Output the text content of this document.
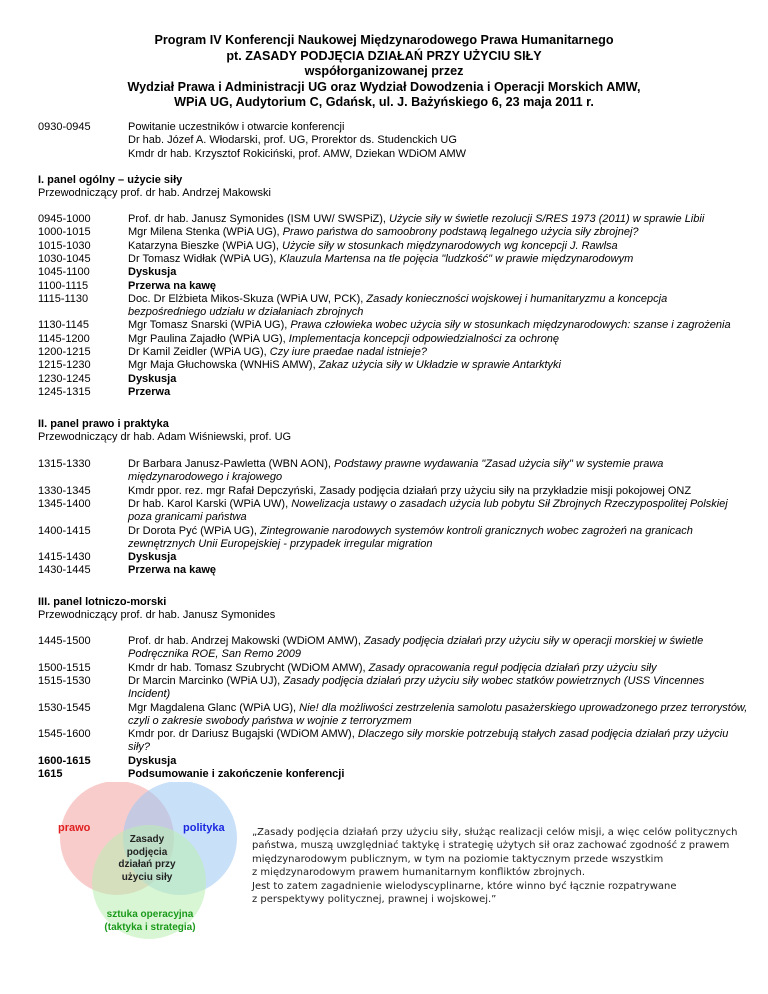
Program IV Konferencji Naukowej Międzynarodowego Prawa Humanitarnego
pt. ZASADY PODJĘCIA DZIAŁAŃ PRZY UŻYCIU SIŁY
współorganizowanej przez
Wydział Prawa i Administracji UG oraz Wydział Dowodzenia i Operacji Morskich AMW,
WPiA UG, Audytorium C, Gdańsk, ul. J. Bażyńskiego 6, 23 maja 2011 r.
0930-0945	Powitanie uczestników i otwarcie konferencji
Dr hab. Józef A. Włodarski, prof. UG, Prorektor ds. Studenckich UG
Kmdr dr hab. Krzysztof Rokiciński, prof. AMW, Dziekan WDiOM AMW
I. panel ogólny – użycie siły
Przewodniczący prof. dr hab. Andrzej Makowski
0945-1000	Prof. dr hab. Janusz Symonides (ISM UW/ SWSPiZ), Użycie siły w świetle rezolucji S/RES 1973 (2011) w sprawie Libii
1000-1015	Mgr Milena Stenka (WPiA UG), Prawo państwa do samoobrony podstawą legalnego użycia siły zbrojnej?
1015-1030	Katarzyna Bieszke (WPiA UG), Użycie siły w stosunkach międzynarodowych wg koncepcji J. Rawlsa
1030-1045	Dr Tomasz Widłak (WPiA UG), Klauzula Martensa na tle pojęcia "ludzkość" w prawie międzynarodowym
1045-1100	Dyskusja
1100-1115	Przerwa na kawę
1115-1130	Doc. Dr Elżbieta Mikos-Skuza (WPiA UW, PCK), Zasady konieczności wojskowej i humanitaryzmu a koncepcja bezpośredniego udziału w działaniach zbrojnych
1130-1145	Mgr Tomasz Snarski (WPiA UG), Prawa człowieka wobec użycia siły w stosunkach międzynarodowych: szanse i zagrożenia
1145-1200	Mgr Paulina Zajadło (WPiA UG), Implementacja koncepcji odpowiedzialności za ochronę
1200-1215	Dr Kamil Zeidler (WPiA UG), Czy iure praedae nadal istnieje?
1215-1230	Mgr Maja Głuchowska (WNHiS AMW), Zakaz użycia siły w Układzie w sprawie Antarktyki
1230-1245	Dyskusja
1245-1315	Przerwa
II. panel prawo i praktyka
Przewodniczący dr hab. Adam Wiśniewski, prof. UG
1315-1330	Dr Barbara Janusz-Pawletta (WBN AON), Podstawy prawne wydawania "Zasad użycia siły" w systemie prawa międzynarodowego i krajowego
1330-1345	Kmdr ppor. rez. mgr Rafał Depczyński, Zasady podjęcia działań przy użyciu siły na przykładzie misji pokojowej ONZ
1345-1400	Dr hab. Karol Karski (WPiA UW), Nowelizacja ustawy o zasadach użycia lub pobytu Sił Zbrojnych Rzeczypospolitej Polskiej poza granicami państwa
1400-1415	Dr Dorota Pyć (WPiA UG), Zintegrowanie narodowych systemów kontroli granicznych wobec zagrożeń na granicach zewnętrznych Unii Europejskiej - przypadek irregular migration
1415-1430	Dyskusja
1430-1445	Przerwa na kawę
III. panel lotniczo-morski
Przewodniczący prof. dr hab. Janusz Symonides
1445-1500	Prof. dr hab. Andrzej Makowski (WDiOM AMW), Zasady podjęcia działań przy użyciu siły w operacji morskiej w świetle Podręcznika ROE, San Remo 2009
1500-1515	Kmdr dr hab. Tomasz Szubrycht (WDiOM AMW), Zasady opracowania reguł podjęcia działań przy użyciu siły
1515-1530	Dr Marcin Marcinko (WPiA UJ), Zasady podjęcia działań przy użyciu siły wobec statków powietrznych (USS Vincennes Incident)
1530-1545	Mgr Magdalena Glanc (WPiA UG), Nie! dla możliwości zestrzelenia samolotu pasażerskiego uprowadzonego przez terrorystów, czyli o zakresie swobody państwa w wojnie z terroryzmem
1545-1600	Kmdr por. dr Dariusz Bugajski (WDiOM AMW), Dlaczego siły morskie potrzebują stałych zasad podjęcia działań przy użyciu siły?
1600-1615	Dyskusja
1615	Podsumowanie i zakończenie konferencji
prawo	polityka
Zasady
podjęcia
działań przy
użyciu siły
sztuka operacyjna
(taktyka i strategia)
„Zasady podjęcia działań przy użyciu siły, służąc realizacji celów misji, a więc celów politycznych
państwa, muszą uwzględniać taktykę i strategię użytych sił oraz zachować zgodność z prawem
międzynarodowym publicznym, w tym na poziomie taktycznym przede wszystkim
z międzynarodowym prawem humanitarnym konfliktów zbrojnych.
Jest to zatem zagadnienie wielodyscyplinarne, które winno być łącznie rozpatrywane
z perspektywy politycznej, prawnej i wojskowej.”
